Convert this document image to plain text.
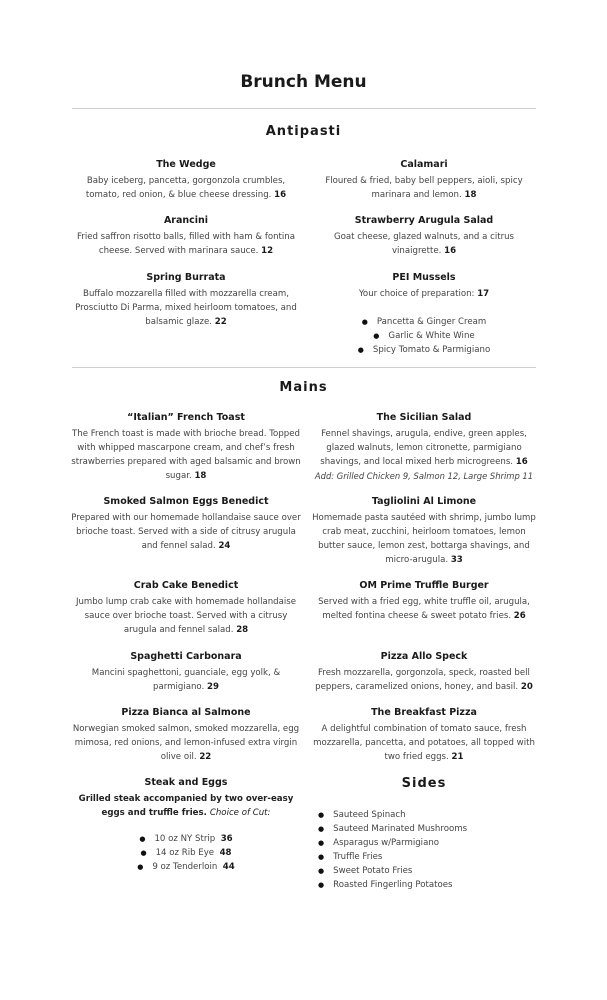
Brunch Menu
Antipasti
The Wedge
Baby iceberg, pancetta, gorgonzola crumbles, tomato, red onion, & blue cheese dressing. 16
Arancini
Fried saffron risotto balls, filled with ham & fontina cheese. Served with marinara sauce. 12
Spring Burrata
Buffalo mozzarella filled with mozzarella cream, Prosciutto Di Parma, mixed heirloom tomatoes, and balsamic glaze. 22
Calamari
Floured & fried, baby bell peppers, aioli, spicy marinara and lemon. 18
Strawberry Arugula Salad
Goat cheese, glazed walnuts, and a citrus vinaigrette. 16
PEI Mussels
Your choice of preparation: 17
● Pancetta & Ginger Cream
● Garlic & White Wine
● Spicy Tomato & Parmigiano
Mains
“Italian” French Toast
The French toast is made with brioche bread. Topped with whipped mascarpone cream, and chef’s fresh strawberries prepared with aged balsamic and brown sugar. 18
Smoked Salmon Eggs Benedict
Prepared with our homemade hollandaise sauce over brioche toast. Served with a side of citrusy arugula and fennel salad. 24
Crab Cake Benedict
Jumbo lump crab cake with homemade hollandaise sauce over brioche toast. Served with a citrusy arugula and fennel salad. 28
Spaghetti Carbonara
Mancini spaghettoni, guanciale, egg yolk, & parmigiano. 29
Pizza Bianca al Salmone
Norwegian smoked salmon, smoked mozzarella, egg mimosa, red onions, and lemon-infused extra virgin olive oil. 22
Steak and Eggs
Grilled steak accompanied by two over-easy eggs and truffle fries. Choice of Cut:
● 10 oz NY Strip 36
● 14 oz Rib Eye 48
● 9 oz Tenderloin 44
The Sicilian Salad
Fennel shavings, arugula, endive, green apples, glazed walnuts, lemon citronette, parmigiano shavings, and local mixed herb microgreens. 16
Add: Grilled Chicken 9, Salmon 12, Large Shrimp 11
Tagliolini Al Limone
Homemade pasta sautéed with shrimp, jumbo lump crab meat, zucchini, heirloom tomatoes, lemon butter sauce, lemon zest, bottarga shavings, and micro-arugula. 33
OM Prime Truffle Burger
Served with a fried egg, white truffle oil, arugula, melted fontina cheese & sweet potato fries. 26
Pizza Allo Speck
Fresh mozzarella, gorgonzola, speck, roasted bell peppers, caramelized onions, honey, and basil. 20
The Breakfast Pizza
A delightful combination of tomato sauce, fresh mozzarella, pancetta, and potatoes, all topped with two fried eggs. 21
Sides
● Sauteed Spinach
● Sauteed Marinated Mushrooms
● Asparagus w/Parmigiano
● Truffle Fries
● Sweet Potato Fries
● Roasted Fingerling Potatoes
